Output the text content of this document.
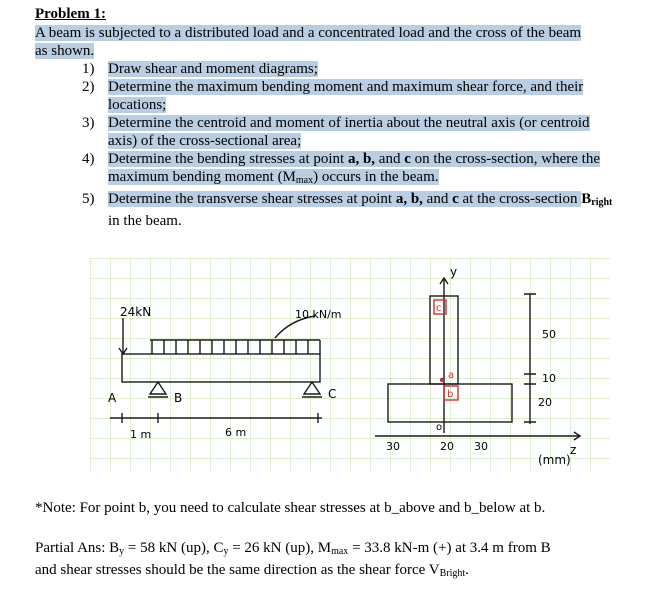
Problem 1:
A beam is subjected to a distributed load and a concentrated load and the cross of the beam as shown.
1) Draw shear and moment diagrams;
2) Determine the maximum bending moment and maximum shear force, and their locations;
3) Determine the centroid and moment of inertia about the neutral axis (or centroid axis) of the cross-sectional area;
4) Determine the bending stresses at point a, b, and c on the cross-section, where the maximum bending moment $(M_{max})$ occurs in the beam.
5) Determine the transverse shear stresses at point a, b, and c at the cross-section $B_{right}$ in the beam.
24kN	10 kN/m
A	B	C
1 m	6 m
c
a
b
y
z
o
50
10
20
30	20 30
(mm)
*Note: For point b, you need to calculate shear stresses at b_above and b_below at b.
Partial Ans: $B_y = 58$ kN (up), $C_y = 26$ kN (up), $M_{max} = 33.8$ kN-m (+) at 3.4 m from B
and shear stresses should be the same direction as the shear force $V_{Bright}$.
